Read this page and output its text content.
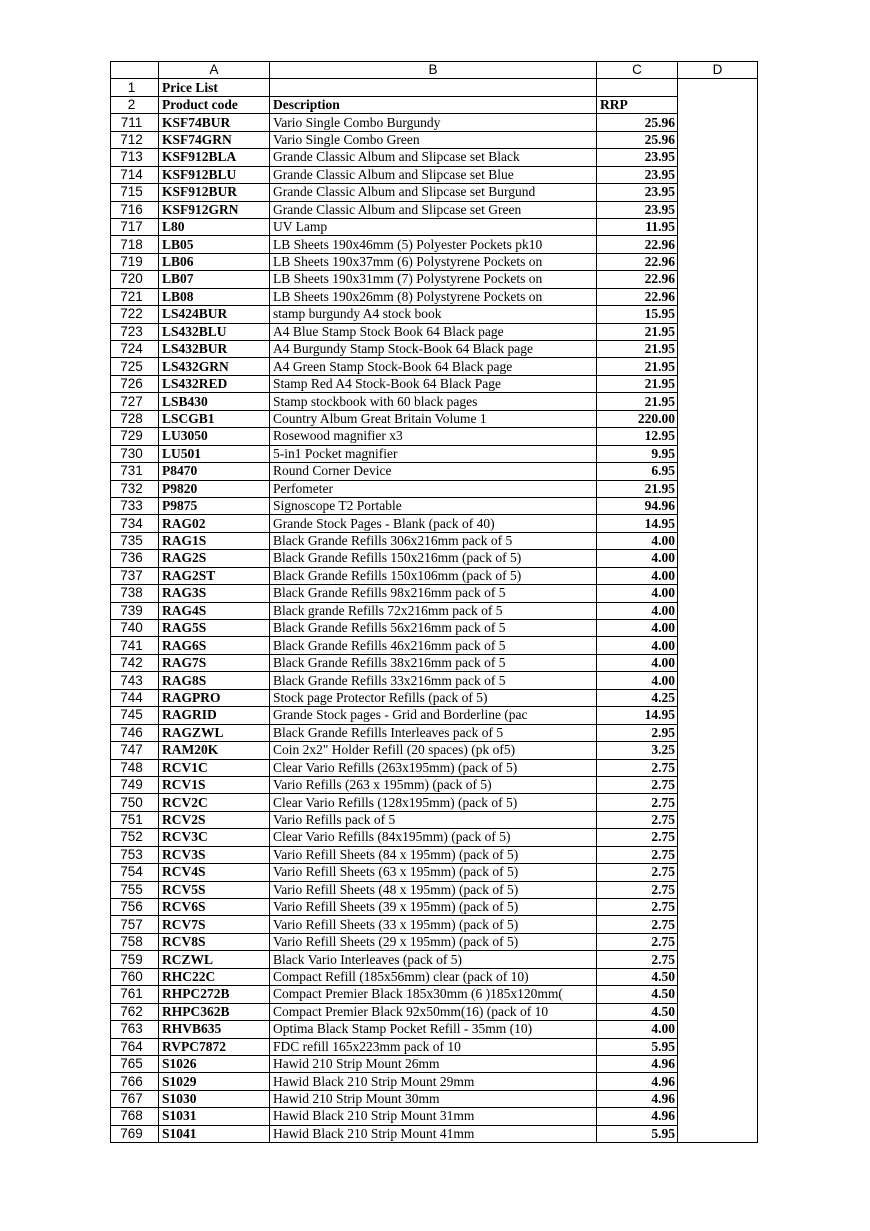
	A	B	C	D
1	Price List			
2	Product code	Description	RRP	
711	KSF74BUR	Vario Single Combo Burgundy	25.96	
712	KSF74GRN	Vario Single Combo Green	25.96	
713	KSF912BLA	Grande Classic Album and Slipcase set Black	23.95	
714	KSF912BLU	Grande Classic Album and Slipcase set Blue	23.95	
715	KSF912BUR	Grande Classic Album and Slipcase set Burgund	23.95	
716	KSF912GRN	Grande Classic Album and Slipcase set Green	23.95	
717	L80	UV Lamp	11.95	
718	LB05	LB Sheets 190x46mm (5) Polyester Pockets pk10	22.96	
719	LB06	LB Sheets 190x37mm (6) Polystyrene Pockets on	22.96	
720	LB07	LB Sheets 190x31mm (7) Polystyrene Pockets on	22.96	
721	LB08	LB Sheets 190x26mm (8) Polystyrene Pockets on	22.96	
722	LS424BUR	stamp burgundy A4 stock book	15.95	
723	LS432BLU	A4 Blue Stamp Stock Book 64 Black page	21.95	
724	LS432BUR	A4 Burgundy Stamp Stock-Book 64 Black page	21.95	
725	LS432GRN	A4 Green Stamp Stock-Book 64 Black page	21.95	
726	LS432RED	Stamp Red A4 Stock-Book 64 Black Page	21.95	
727	LSB430	Stamp stockbook with 60 black pages	21.95	
728	LSCGB1	Country Album Great Britain Volume 1	220.00	
729	LU3050	Rosewood magnifier x3	12.95	
730	LU501	5-in1 Pocket magnifier	9.95	
731	P8470	Round Corner Device	6.95	
732	P9820	Perfometer	21.95	
733	P9875	Signoscope T2 Portable	94.96	
734	RAG02	Grande Stock Pages - Blank (pack of 40)	14.95	
735	RAG1S	Black Grande Refills 306x216mm pack of 5	4.00	
736	RAG2S	Black Grande Refills 150x216mm (pack of 5)	4.00	
737	RAG2ST	Black Grande Refills 150x106mm (pack of 5)	4.00	
738	RAG3S	Black Grande Refills 98x216mm pack of 5	4.00	
739	RAG4S	Black grande Refills 72x216mm pack of 5	4.00	
740	RAG5S	Black Grande Refills 56x216mm pack of 5	4.00	
741	RAG6S	Black Grande Refills 46x216mm pack of 5	4.00	
742	RAG7S	Black Grande Refills 38x216mm pack of 5	4.00	
743	RAG8S	Black Grande Refills 33x216mm pack of 5	4.00	
744	RAGPRO	Stock page Protector Refills (pack of 5)	4.25	
745	RAGRID	Grande Stock pages - Grid and Borderline (pac	14.95	
746	RAGZWL	Black Grande Refills Interleaves pack of 5	2.95	
747	RAM20K	Coin 2x2" Holder Refill (20 spaces) (pk of5)	3.25	
748	RCV1C	Clear Vario Refills (263x195mm) (pack of 5)	2.75	
749	RCV1S	Vario Refills (263 x 195mm) (pack of 5)	2.75	
750	RCV2C	Clear Vario Refills (128x195mm) (pack of 5)	2.75	
751	RCV2S	Vario Refills pack of 5	2.75	
752	RCV3C	Clear Vario Refills (84x195mm) (pack of 5)	2.75	
753	RCV3S	Vario Refill Sheets (84 x 195mm) (pack of 5)	2.75	
754	RCV4S	Vario Refill Sheets (63 x 195mm) (pack of 5)	2.75	
755	RCV5S	Vario Refill Sheets (48 x 195mm) (pack of 5)	2.75	
756	RCV6S	Vario Refill Sheets (39 x 195mm) (pack of 5)	2.75	
757	RCV7S	Vario Refill Sheets (33 x 195mm) (pack of 5)	2.75	
758	RCV8S	Vario Refill Sheets (29 x 195mm) (pack of 5)	2.75	
759	RCZWL	Black Vario Interleaves (pack of 5)	2.75	
760	RHC22C	Compact Refill (185x56mm) clear (pack of 10)	4.50	
761	RHPC272B	Compact Premier Black 185x30mm (6 )185x120mm(	4.50	
762	RHPC362B	Compact Premier Black 92x50mm(16) (pack of 10	4.50	
763	RHVB635	Optima Black Stamp Pocket Refill - 35mm (10)	4.00	
764	RVPC7872	FDC refill 165x223mm pack of 10	5.95	
765	S1026	Hawid 210 Strip Mount 26mm	4.96	
766	S1029	Hawid Black 210 Strip Mount 29mm	4.96	
767	S1030	Hawid 210 Strip Mount 30mm	4.96	
768	S1031	Hawid Black 210 Strip Mount 31mm	4.96	
769	S1041	Hawid Black 210 Strip Mount 41mm	5.95	
